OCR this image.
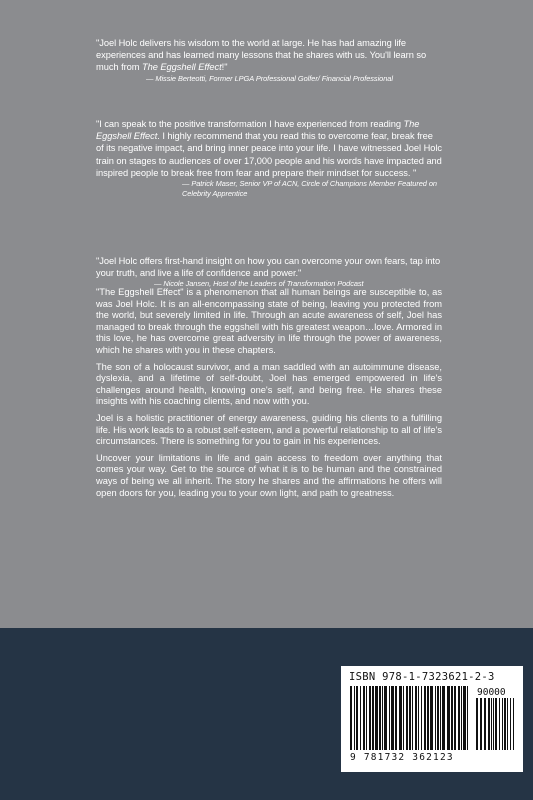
"Joel Holc delivers his wisdom to the world at large. He has had amazing life experiences and has learned many lessons that he shares with us. You'll learn so much from The Eggshell Effect!"

— Missie Berteotti, Former LPGA Professional Golfer/ Financial Professional

"I can speak to the positive transformation I have experienced from reading The Eggshell Effect. I highly recommend that you read this to overcome fear, break free of its negative impact, and bring inner peace into your life. I have witnessed Joel Holc train on stages to audiences of over 17,000 people and his words have impacted and inspired people to break free from fear and prepare their mindset for success. "

— Patrick Maser, Senior VP of ACN, Circle of Champions Member Featured on Celebrity Apprentice

"Joel Holc offers first-hand insight on how you can overcome your own fears, tap into your truth, and live a life of confidence and power."

— Nicole Jansen, Host of the Leaders of Transformation Podcast

"The Eggshell Effect" is a phenomenon that all human beings are susceptible to, as was Joel Holc. It is an all-encompassing state of being, leaving you protected from the world, but severely limited in life. Through an acute awareness of self, Joel has managed to break through the eggshell with his greatest weapon…love. Armored in this love, he has overcome great adversity in life through the power of awareness, which he shares with you in these chapters.

The son of a holocaust survivor, and a man saddled with an autoimmune disease, dyslexia, and a lifetime of self-doubt, Joel has emerged empowered in life's challenges around health, knowing one's self, and being free. He shares these insights with his coaching clients, and now with you.

Joel is a holistic practitioner of energy awareness, guiding his clients to a fulfilling life. His work leads to a robust self-esteem, and a powerful relationship to all of life's circumstances. There is something for you to gain in his experiences.

Uncover your limitations in life and gain access to freedom over anything that comes your way. Get to the source of what it is to be human and the constrained ways of being we all inherit. The story he shares and the affirmations he offers will open doors for you, leading you to your own light, and path to greatness.

ISBN 978-1-7323621-2-3
90000
9 781732 362123
